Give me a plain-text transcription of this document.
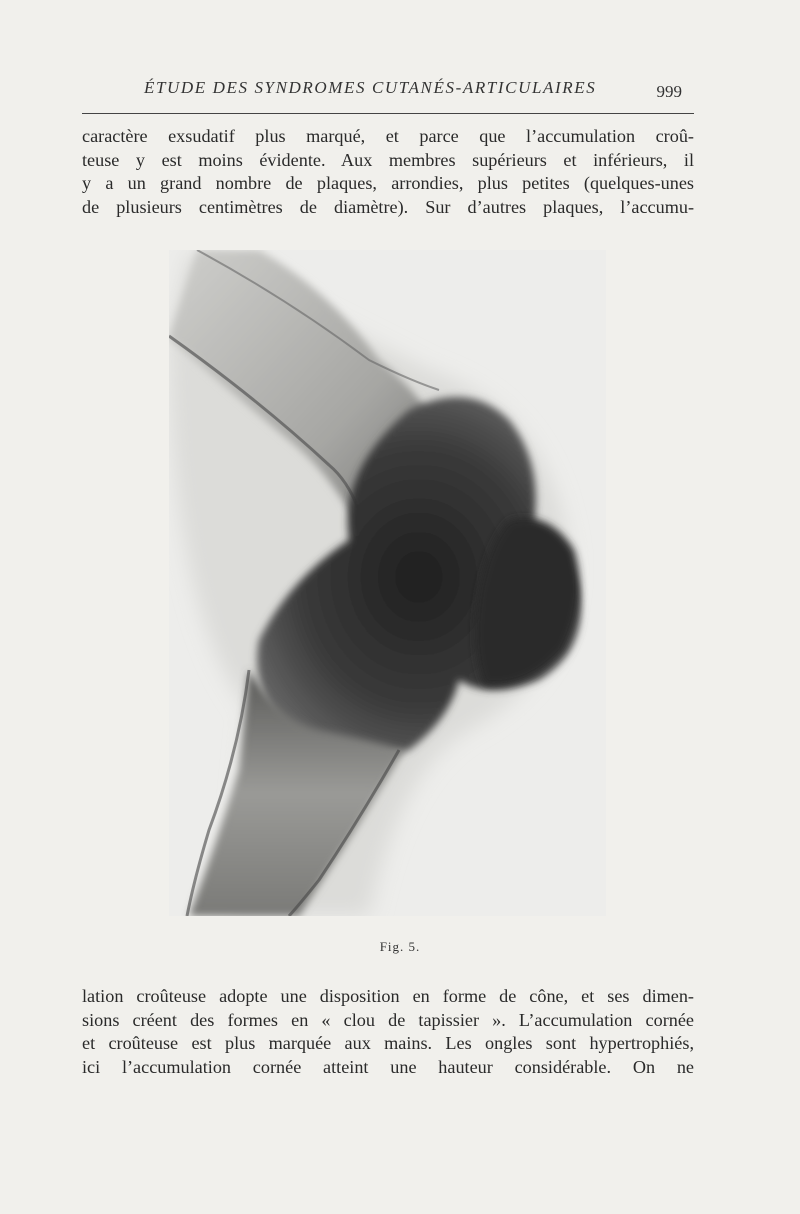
ÉTUDE DES SYNDROMES CUTANÉS-ARTICULAIRES	999
caractère exsudatif plus marqué, et parce que l’accumulation croû-
teuse y est moins évidente. Aux membres supérieurs et inférieurs, il
y a un grand nombre de plaques, arrondies, plus petites (quelques-unes
de plusieurs centimètres de diamètre). Sur d’autres plaques, l’accumu-
Fig. 5.
lation croûteuse adopte une disposition en forme de cône, et ses dimen-
sions créent des formes en « clou de tapissier ». L’accumulation cornée
et croûteuse est plus marquée aux mains. Les ongles sont hypertrophiés,
ici l’accumulation cornée atteint une hauteur considérable. On ne
